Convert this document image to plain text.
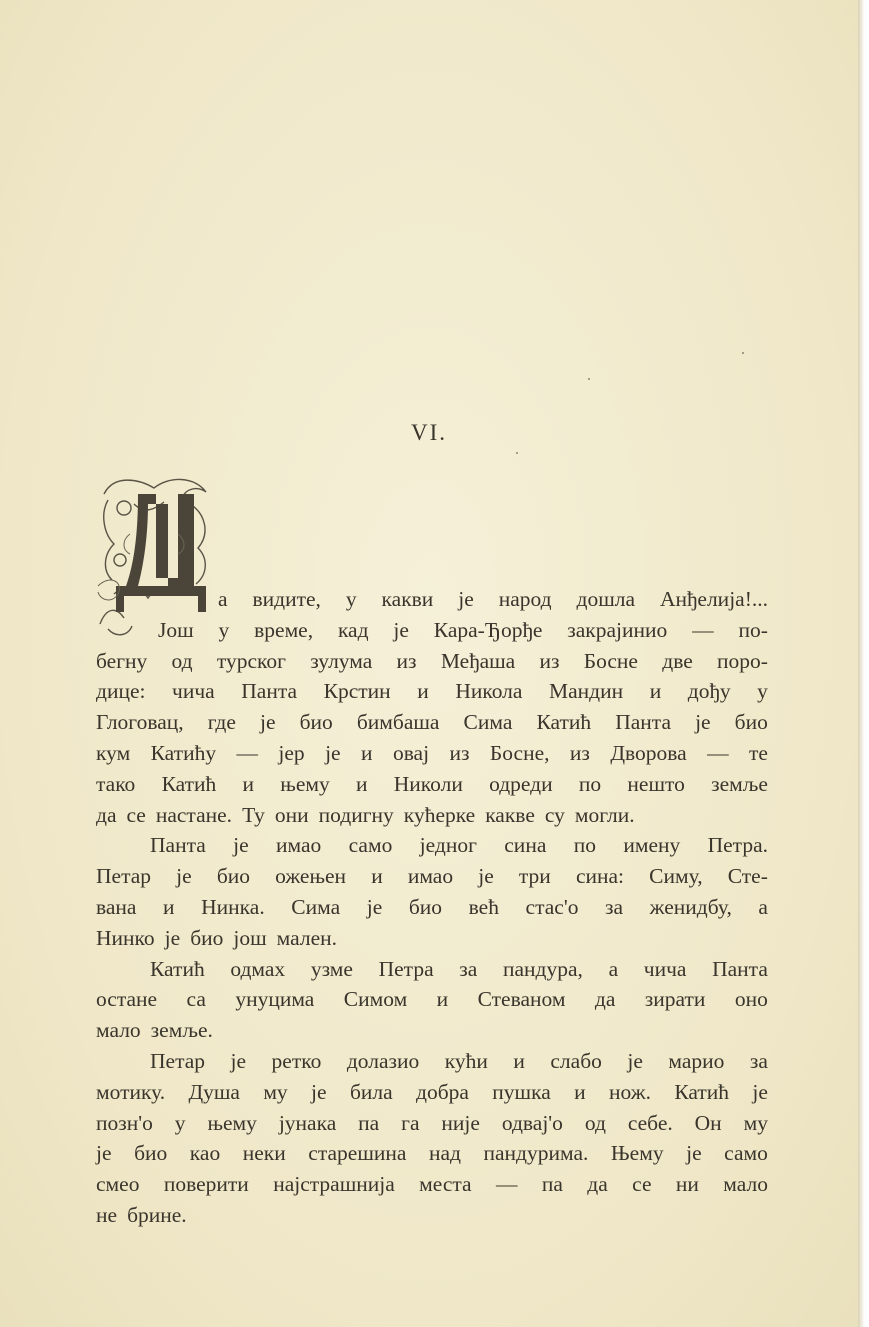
VI.
а видите, у какви је народ дошла Анђелија!...
Још у време, кад је Кара-Ђорђе закрајинио — по-
бегну од турског зулума из Међаша из Босне две поро-
дице: чича Панта Крстин и Никола Мандин и дођу у
Глоговац, где је био бимбаша Сима Катић Панта је био
кум Катићу — јер је и овај из Босне, из Дворова — те
тако Катић и њему и Николи одреди по нешто земље
да се настане. Ту они подигну кућерке какве су могли.
Панта је имао само једног сина по имену Петра.
Петар је био ожењен и имао је три сина: Симу, Сте-
вана и Нинка. Сима је био већ стас'о за женидбу, а
Нинко је био још мален.
Катић одмах узме Петра за пандура, а чича Панта
остане са унуцима Симом и Стеваном да зирати оно
мало земље.
Петар је ретко долазио кући и слабо је марио за
мотику. Душа му је била добра пушка и нож. Катић је
позн'о у њему јунака па га није одвај'о од себе. Он му
је био као неки старешина над пандурима. Њему је само
смео поверити најстрашнија места — па да се ни мало
не брине.
